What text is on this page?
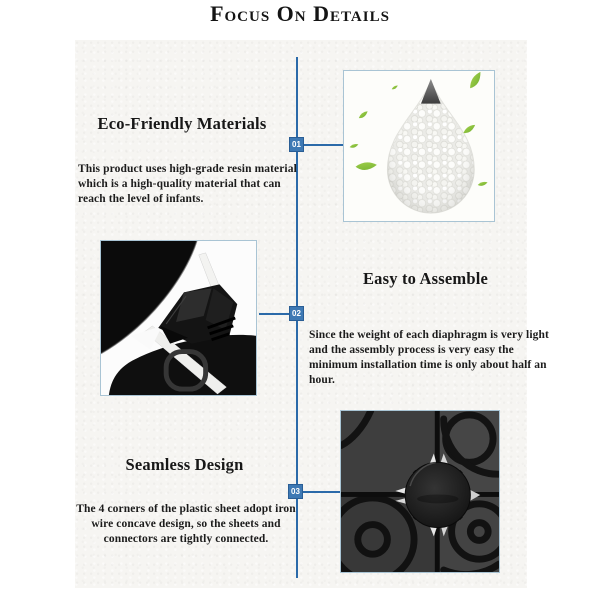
Focus On Details
01
02
03
Eco-Friendly Materials

This product uses high-grade resin material which is a high-quality material that can reach the level of infants.

Easy to Assemble

Since the weight of each diaphragm is very light and the assembly process is very easy the minimum installation time is only about half an hour.

Seamless Design

The 4 corners of the plastic sheet adopt iron wire concave design, so the sheets and connectors are tightly connected.
